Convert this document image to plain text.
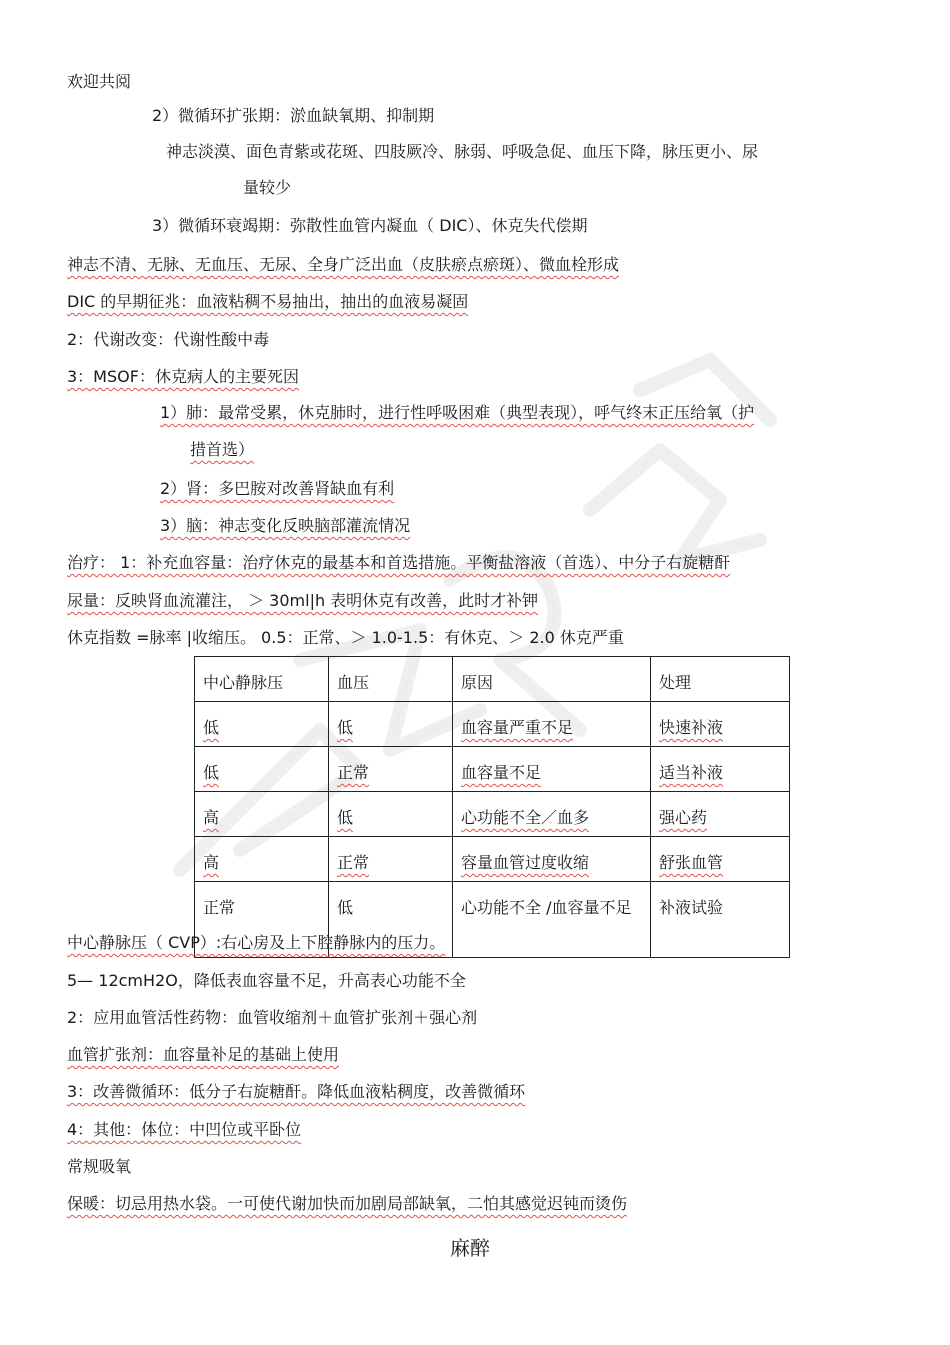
欢迎共阅
2）微循环扩张期：淤血缺氧期、抑制期
神志淡漠、面色青紫或花斑、四肢厥冷、脉弱、呼吸急促、血压下降，脉压更小、尿
量较少
3）微循环衰竭期：弥散性血管内凝血（ DIC）、休克失代偿期
神志不清、无脉、无血压、无尿、全身广泛出血（皮肤瘀点瘀斑）、微血栓形成
DIC 的早期征兆：血液粘稠不易抽出，抽出的血液易凝固
2：代谢改变：代谢性酸中毒
3：MSOF：休克病人的主要死因
1）肺：最常受累，休克肺时，进行性呼吸困难（典型表现），呼气终末正压给氧（护
措首选）
2）肾：多巴胺对改善肾缺血有利
3）脑：神志变化反映脑部灌流情况
治疗： 1：补充血容量：治疗休克的最基本和首选措施。平衡盐溶液（首选）、中分子右旋糖酐
尿量：反映肾血流灌注， ＞ 30ml|h 表明休克有改善，此时才补钾
休克指数 =脉率 |收缩压。 0.5：正常、＞ 1.0-1.5：有休克、＞ 2.0 休克严重
中心静脉压	血压	原因	处理
低	低	血容量严重不足	快速补液
低	正常	血容量不足	适当补液
高	低	心功能不全／血多	强心药
高	正常	容量血管过度收缩	舒张血管
正常	低	心功能不全 /血容量不足	补液试验
中心静脉压（ CVP）:右心房及上下腔静脉内的压力。
5— 12cmH2O，降低表血容量不足，升高表心功能不全
2：应用血管活性药物：血管收缩剂＋血管扩张剂＋强心剂
血管扩张剂：血容量补足的基础上使用
3：改善微循环：低分子右旋糖酐。降低血液粘稠度，改善微循环
4：其他：体位：中凹位或平卧位
常规吸氧
保暖：切忌用热水袋。一可使代谢加快而加剧局部缺氧，二怕其感觉迟钝而烫伤
麻醉
